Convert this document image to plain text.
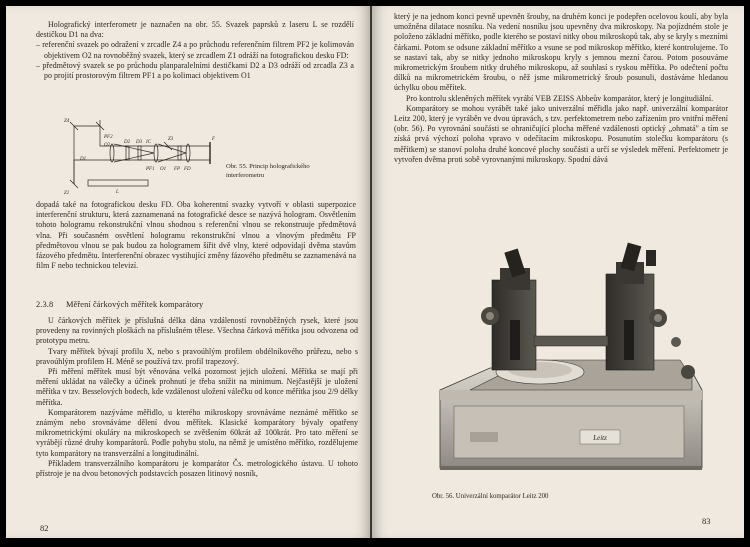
Holografický interferometr je naznačen na obr. 55. Svazek paprsků z laseru L se rozdělí destičkou D1 na dva:

– referenční svazek po odražení v zrcadle Z4 a po průchodu referenčním filtrem PF2 je kolimován objektivem O2 na rovnoběžný svazek, který se zrcadlem Z1 odráží na fotografickou desku FD:

– předmětový svazek se po průchodu planparalelními destičkami D2 a D3 odráží od zrcadla Z3 a po projití prostorovým filtrem PF1 a po kolimaci objektivem O1

Z4
PF2
O2
L
D1
D2 D3 IC
Z3
O1
PF1
Z1
FD
FP
F
Obr. 55. Princip holografického interferometru

dopadá také na fotografickou desku FD. Oba koherentní svazky vytvoří v oblasti superpozice interferenční strukturu, která zaznamenaná na fotografické desce se nazývá hologram. Osvětlením tohoto hologramu rekonstrukční vlnou shodnou s referenční vlnou se rekonstruuje předmětová vlna. Při současném osvětlení hologramu rekonstrukční vlnou a vlnovým předmětu FP předmětovou vlnou se pak budou za hologramem šířit dvě vlny, které odpovídají dvěma stavům fázového předmětu. Interferenční obrazec vystihující změny fázového předmětu se zaznamenává na film F nebo technickou televizí.

2.3.8 Měření čárkových měřítek komparátory

U čárkových měřítek je příslušná délka dána vzdáleností rovnoběžných rysek, které jsou provedeny na rovinných ploškách na příslušném tělese. Všechna čárková měřítka jsou odvozena od prototypu metru.

Tvary měřítek bývají profilu X, nebo s pravoúhlým profilem obdélníkového průřezu, nebo s pravoúhlým profilem H. Méně se používá tzv. profil trapezový.

Při měření měřítek musí být věnována velká pozornost jejich uložení. Měřítka se mají při měření ukládat na válečky a účinek prohnutí je třeba snížit na minimum. Nejčastější je uložení měřítka v tzv. Besselových bodech, kde vzdálenost uložení válečku od konce měřítka jsou 2/9 délky měřítka.

Komparátorem nazýváme měřidlo, u kterého mikroskopy srovnáváme neznámé měřítko se známým nebo srovnáváme dělení dvou měřítek. Klasické komparátory bývaly opatřeny mikrometrickými okuláry na mikroskopech se zvětšením 60krát až 100krát. Pro tato měření se vyrábějí různé druhy komparátorů. Podle pohybu stolu, na němž je umístěno měřítko, rozdělujeme tyto komparátory na transverzální a longitudinální.

Příkladem transverzálního komparátoru je komparátor Čs. metrologického ústavu. U tohoto přístroje je na dvou betonových podstavcích posazen litinový nosník,

82

který je na jednom konci pevně upevněn šrouby, na druhém konci je podepřen ocelovou koulí, aby byla umožněna dilatace nosníku. Na vedení nosníku jsou upevněny dva mikroskopy. Na pojízdném stole je položeno základní měřítko, podle kterého se postaví nitky obou mikroskopů tak, aby se kryly s mezními čárkami. Potom se odsune základní měřítko a vsune se pod mikroskop měřítko, které kontrolujeme. To se nastaví tak, aby se nitky jednoho mikroskopu kryly s jemnou mezní čarou. Potom posouváme mikrometrickým šroubem nitky druhého mikroskopu, až souhlasí s ryskou měřítka. Po odečtení počtu dílků na mikrometrickém šroubu, o něž jsme mikrometrický šroub posunuli, dostáváme hledanou úchylku obou měřítek.

Pro kontrolu skleněných měřítek vyrábí VEB ZEISS Abbeův komparátor, který je longitudiální.

Komparátory se mohou vyrábět také jako univerzální měřidla jako např. univerzální komparátor Leitz 200, který je vyráběn ve dvou úpravách, s tzv. perfektometrem nebo zařízením pro vnitřní měření (obr. 56). Po vyrovnání součásti se ohraničující plocha měřené vzdálenosti optický „ohmatá" a tím se získá prvá výchozí poloha vpravo v odečítacím mikroskopu. Posunutím stolečku komparátoru (s měřítkem) se stanoví poloha druhé koncové plochy součásti a určí se výsledek měření. Perfektometr je vytvořen dvěma proti sobě vyrovnanými mikroskopy. Spodní dává

Leitz
Obr. 56. Univerzální komparátor Leitz 200
83
